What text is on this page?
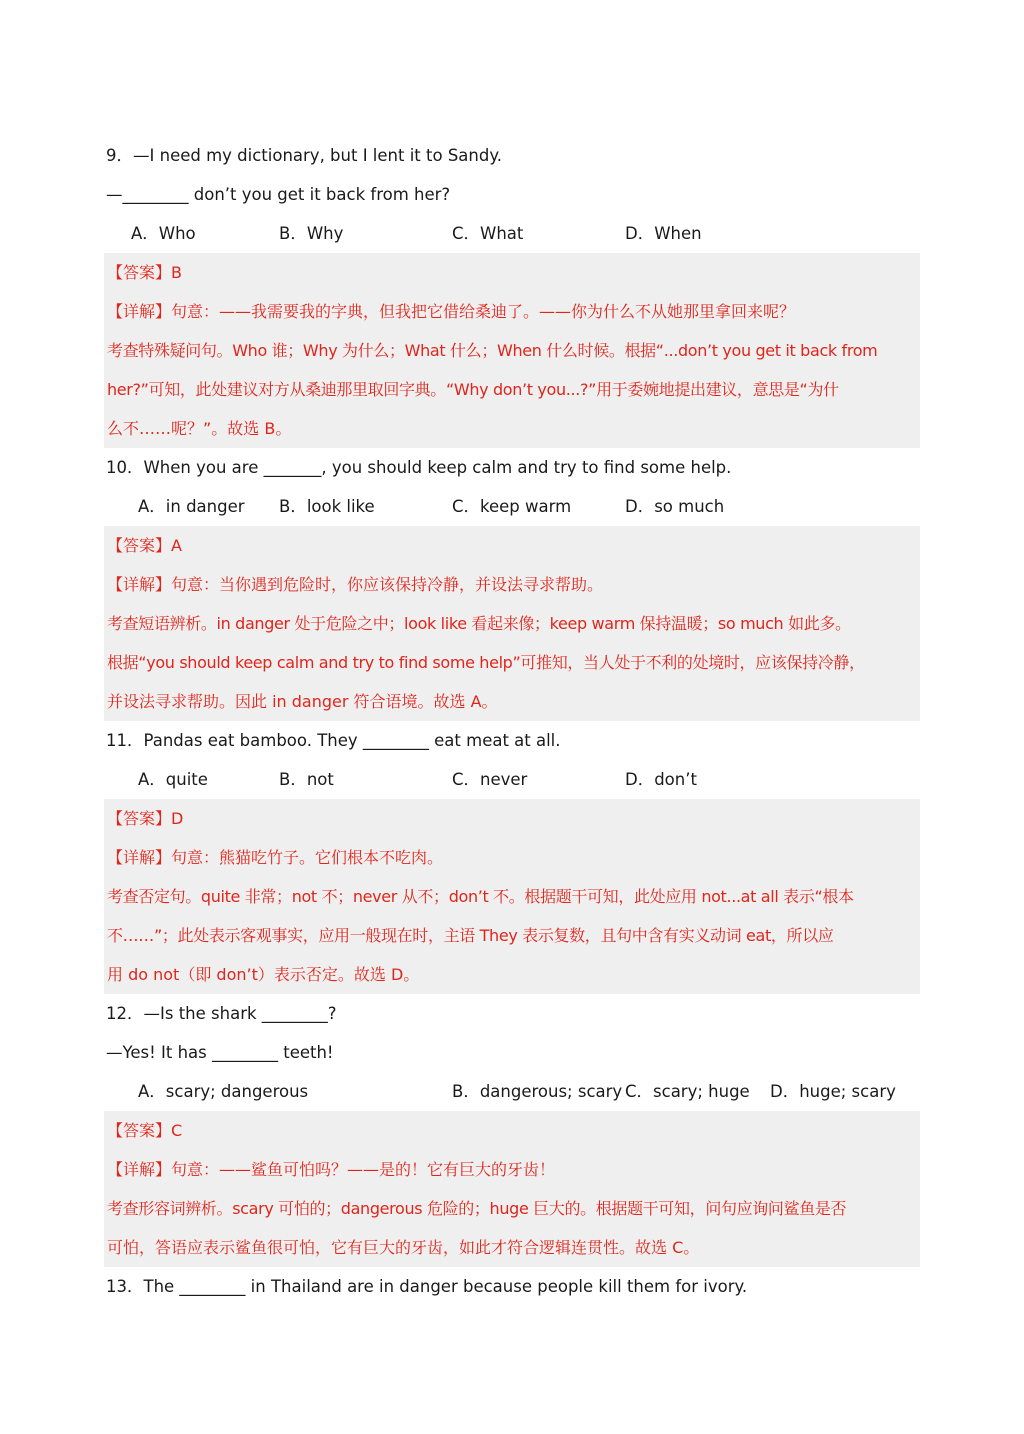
9．—I need my dictionary, but I lent it to Sandy.
—________ don’t you get it back from her?
A．Who	B．Why	C．What	D．When
【答案】B
【详解】句意：——我需要我的字典，但我把它借给桑迪了。——你为什么不从她那里拿回来呢？
考查特殊疑问句。Who 谁；Why 为什么；What 什么；When 什么时候。根据“...don’t you get it back from
her?”可知，此处建议对方从桑迪那里取回字典。“Why don’t you...?”用于委婉地提出建议，意思是“为什
么不……呢？”。故选 B。
10．When you are _______, you should keep calm and try to find some help.
A．in danger B．look like	C．keep warm	D．so much
【答案】A
【详解】句意：当你遇到危险时，你应该保持冷静，并设法寻求帮助。
考查短语辨析。in danger 处于危险之中；look like 看起来像；keep warm 保持温暖；so much 如此多。
根据“you should keep calm and try to find some help”可推知，当人处于不利的处境时，应该保持冷静，
并设法寻求帮助。因此 in danger 符合语境。故选 A。
11．Pandas eat bamboo. They ________ eat meat at all.
A．quite	B．not	C．never	D．don’t
【答案】D
【详解】句意：熊猫吃竹子。它们根本不吃肉。
考查否定句。quite 非常；not 不；never 从不；don’t 不。根据题干可知，此处应用 not...at all 表示“根本
不……”；此处表示客观事实，应用一般现在时，主语 They 表示复数，且句中含有实义动词 eat，所以应
用 do not（即 don’t）表示否定。故选 D。
12．—Is the shark ________?
—Yes! It has ________ teeth!
A．scary; dangerous	B．dangerous; scary C．scary; huge D．huge; scary
【答案】C
【详解】句意：——鲨鱼可怕吗？——是的！它有巨大的牙齿！
考查形容词辨析。scary 可怕的；dangerous 危险的；huge 巨大的。根据题干可知，问句应询问鲨鱼是否
可怕，答语应表示鲨鱼很可怕，它有巨大的牙齿，如此才符合逻辑连贯性。故选 C。
13．The ________ in Thailand are in danger because people kill them for ivory.
